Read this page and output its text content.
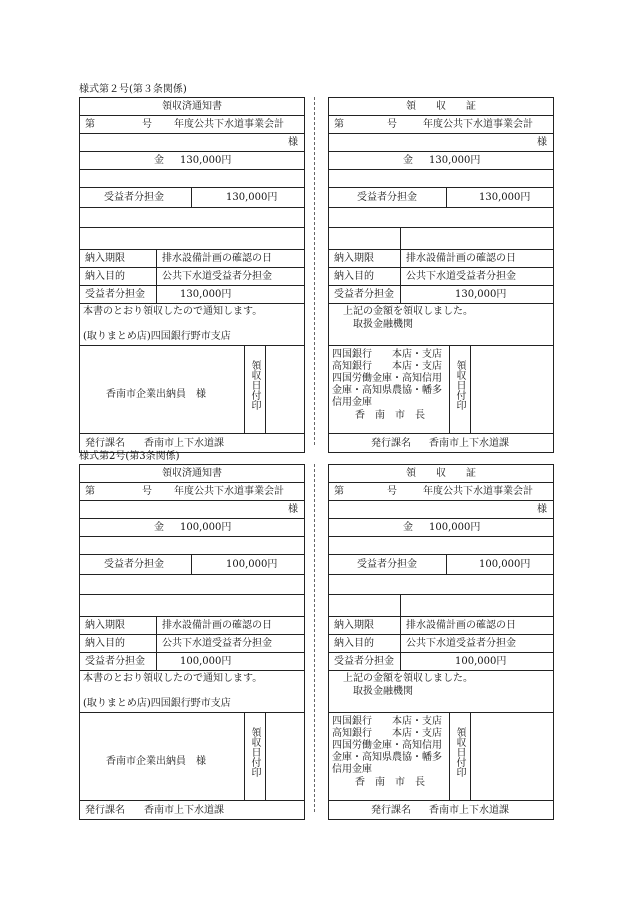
様式第２号(第３条関係)
領収済通知書
第	号 年度公共下水道事業会計
様
金 130,000円
受益者分担金	130,000円
納入期限	排水設備計画の確認の日
納入目的	公共下水道受益者分担金
受益者分担金	130,000円
本書のとおり領収したので通知します。
(取りまとめ店)四国銀行野市支店
香南市企業出納員　様	領収日付印
発行課名 香南市上下水道課
領　　収　　証
第	号	年度公共下水道事業会計
様
金 130,000円
受益者分担金	130,000円
納入期限	排水設備計画の確認の日
納入目的	公共下水道受益者分担金
受益者分担金	130,000円
上記の金額を領収しました。
取扱金融機関
四国銀行　　本店・支店
高知銀行　　本店・支店
四国労働金庫・高知信用
金庫・高知県農協・幡多
信用金庫
香　南　市　長
領収日付印
発行課名 香南市上下水道課
様式第2号(第3条関係)
領収済通知書
第	号 年度公共下水道事業会計
様
金 100,000円
受益者分担金	100,000円
納入期限	排水設備計画の確認の日
納入目的	公共下水道受益者分担金
受益者分担金	100,000円
本書のとおり領収したので通知します。
(取りまとめ店)四国銀行野市支店
香南市企業出納員　様	領収日付印
発行課名 香南市上下水道課
領　　収　　証
第	号	年度公共下水道事業会計
様
金 100,000円
受益者分担金	100,000円
納入期限	排水設備計画の確認の日
納入目的	公共下水道受益者分担金
受益者分担金	100,000円
上記の金額を領収しました。
取扱金融機関
四国銀行　　本店・支店
高知銀行　　本店・支店
四国労働金庫・高知信用
金庫・高知県農協・幡多
信用金庫
香　南　市　長
領収日付印
発行課名 香南市上下水道課
